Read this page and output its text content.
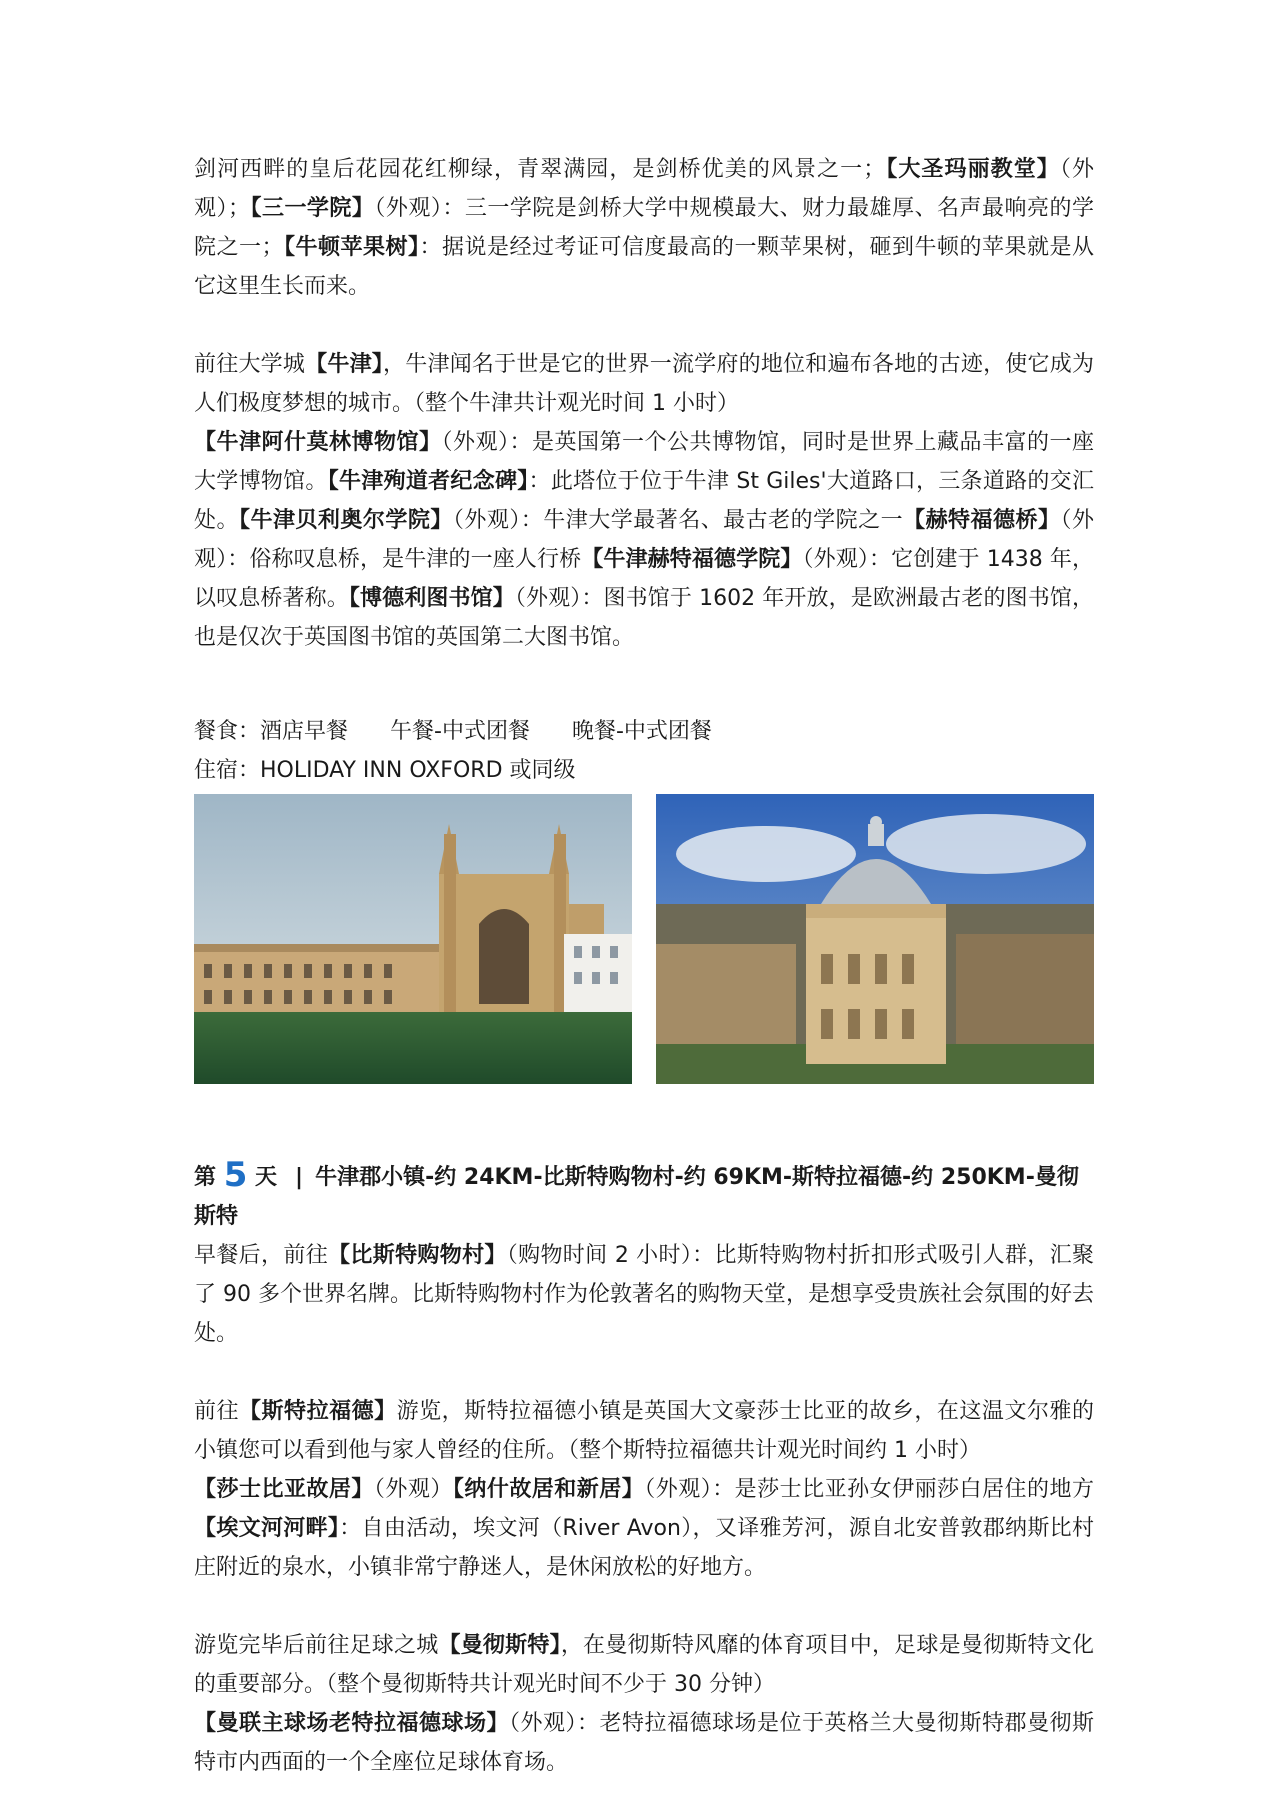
剑河西畔的皇后花园花红柳绿，青翠满园，是剑桥优美的风景之一；【大圣玛丽教堂】（外观）；【三一学院】（外观）：三一学院是剑桥大学中规模最大、财力最雄厚、名声最响亮的学院之一；【牛顿苹果树】：据说是经过考证可信度最高的一颗苹果树，砸到牛顿的苹果就是从它这里生长而来。

前往大学城【牛津】，牛津闻名于世是它的世界一流学府的地位和遍布各地的古迹，使它成为人们极度梦想的城市。（整个牛津共计观光时间 1 小时）

【牛津阿什莫林博物馆】（外观）：是英国第一个公共博物馆，同时是世界上藏品丰富的一座大学博物馆。【牛津殉道者纪念碑】：此塔位于位于牛津 St Giles'大道路口，三条道路的交汇处。【牛津贝利奥尔学院】（外观）：牛津大学最著名、最古老的学院之一【赫特福德桥】（外观）：俗称叹息桥，是牛津的一座人行桥【牛津赫特福德学院】（外观）：它创建于 1438 年，以叹息桥著称。【博德利图书馆】（外观）：图书馆于 1602 年开放，是欧洲最古老的图书馆，也是仅次于英国图书馆的英国第二大图书馆。

餐食：酒店早餐 午餐-中式团餐 晚餐-中式团餐

住宿：HOLIDAY INN OXFORD 或同级

第 5 天 | 牛津郡小镇-约 24KM-比斯特购物村-约 69KM-斯特拉福德-约 250KM-曼彻斯特

早餐后，前往【比斯特购物村】（购物时间 2 小时）：比斯特购物村折扣形式吸引人群，汇聚了 90 多个世界名牌。比斯特购物村作为伦敦著名的购物天堂，是想享受贵族社会氛围的好去处。

前往【斯特拉福德】游览，斯特拉福德小镇是英国大文豪莎士比亚的故乡，在这温文尔雅的小镇您可以看到他与家人曾经的住所。（整个斯特拉福德共计观光时间约 1 小时）

【莎士比亚故居】（外观）【纳什故居和新居】（外观）：是莎士比亚孙女伊丽莎白居住的地方【埃文河河畔】：自由活动，埃文河（River Avon），又译雅芳河，源自北安普敦郡纳斯比村庄附近的泉水，小镇非常宁静迷人，是休闲放松的好地方。

游览完毕后前往足球之城【曼彻斯特】，在曼彻斯特风靡的体育项目中，足球是曼彻斯特文化的重要部分。（整个曼彻斯特共计观光时间不少于 30 分钟）

【曼联主球场老特拉福德球场】（外观）：老特拉福德球场是位于英格兰大曼彻斯特郡曼彻斯特市内西面的一个全座位足球体育场。
